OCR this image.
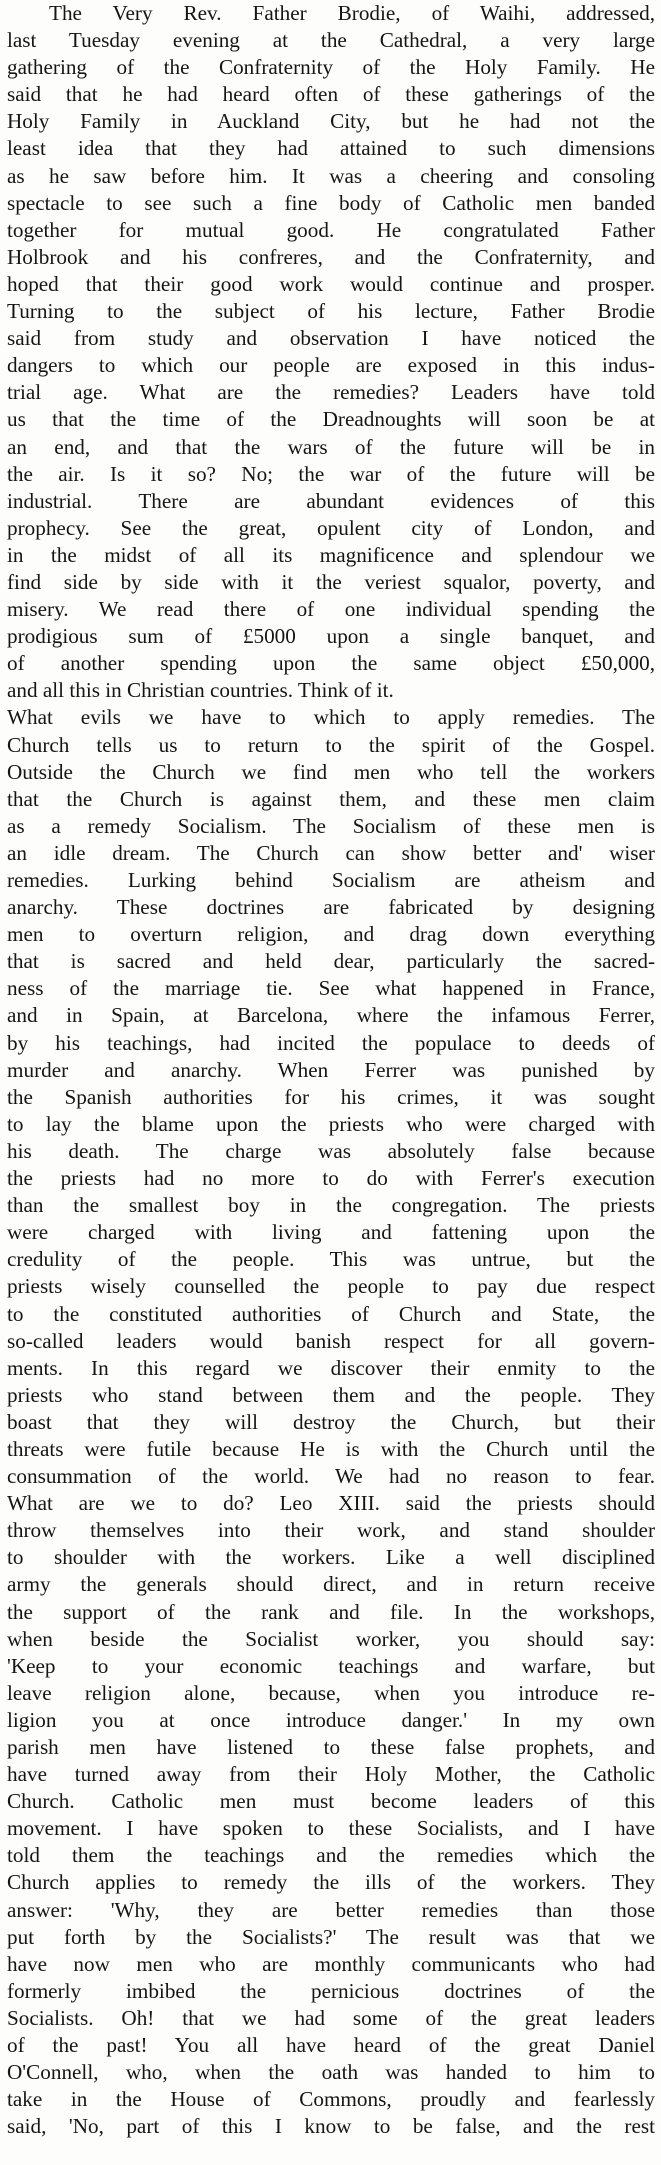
The Very Rev. Father Brodie, of Waihi, addressed,
last Tuesday evening at the Cathedral, a very large
gathering of the Confraternity of the Holy Family. He
said that he had heard often of these gatherings of the
Holy Family in Auckland City, but he had not the
least idea that they had attained to such dimensions
as he saw before him. It was a cheering and consoling
spectacle to see such a fine body of Catholic men banded
together for mutual good. He congratulated Father
Holbrook and his confreres, and the Confraternity, and
hoped that their good work would continue and prosper.
Turning to the subject of his lecture, Father Brodie
said from study and observation I have noticed the
dangers to which our people are exposed in this indus-
trial age. What are the remedies? Leaders have told
us that the time of the Dreadnoughts will soon be at
an end, and that the wars of the future will be in
the air. Is it so? No; the war of the future will be
industrial. There are abundant evidences of this
prophecy. See the great, opulent city of London, and
in the midst of all its magnificence and splendour we
find side by side with it the veriest squalor, poverty, and
misery. We read there of one individual spending the
prodigious sum of £5000 upon a single banquet, and
of another spending upon the same object £50,000,
and all this in Christian countries. Think of it.
What evils we have to which to apply remedies. The
Church tells us to return to the spirit of the Gospel.
Outside the Church we find men who tell the workers
that the Church is against them, and these men claim
as a remedy Socialism. The Socialism of these men is
an idle dream. The Church can show better and' wiser
remedies. Lurking behind Socialism are atheism and
anarchy. These doctrines are fabricated by designing
men to overturn religion, and drag down everything
that is sacred and held dear, particularly the sacred-
ness of the marriage tie. See what happened in France,
and in Spain, at Barcelona, where the infamous Ferrer,
by his teachings, had incited the populace to deeds of
murder and anarchy. When Ferrer was punished by
the Spanish authorities for his crimes, it was sought
to lay the blame upon the priests who were charged with
his death. The charge was absolutely false because
the priests had no more to do with Ferrer's execution
than the smallest boy in the congregation. The priests
were charged with living and fattening upon the
credulity of the people. This was untrue, but the
priests wisely counselled the people to pay due respect
to the constituted authorities of Church and State, the
so-called leaders would banish respect for all govern-
ments. In this regard we discover their enmity to the
priests who stand between them and the people. They
boast that they will destroy the Church, but their
threats were futile because He is with the Church until the
consummation of the world. We had no reason to fear.
What are we to do? Leo XIII. said the priests should
throw themselves into their work, and stand shoulder
to shoulder with the workers. Like a well disciplined
army the generals should direct, and in return receive
the support of the rank and file. In the workshops,
when beside the Socialist worker, you should say:
'Keep to your economic teachings and warfare, but
leave religion alone, because, when you introduce re-
ligion you at once introduce danger.' In my own
parish men have listened to these false prophets, and
have turned away from their Holy Mother, the Catholic
Church. Catholic men must become leaders of this
movement. I have spoken to these Socialists, and I have
told them the teachings and the remedies which the
Church applies to remedy the ills of the workers. They
answer: 'Why, they are better remedies than those
put forth by the Socialists?' The result was that we
have now men who are monthly communicants who had
formerly imbibed the pernicious doctrines of the
Socialists. Oh! that we had some of the great leaders
of the past! You all have heard of the great Daniel
O'Connell, who, when the oath was handed to him to
take in the House of Commons, proudly and fearlessly
said, 'No, part of this I know to be false, and the rest
